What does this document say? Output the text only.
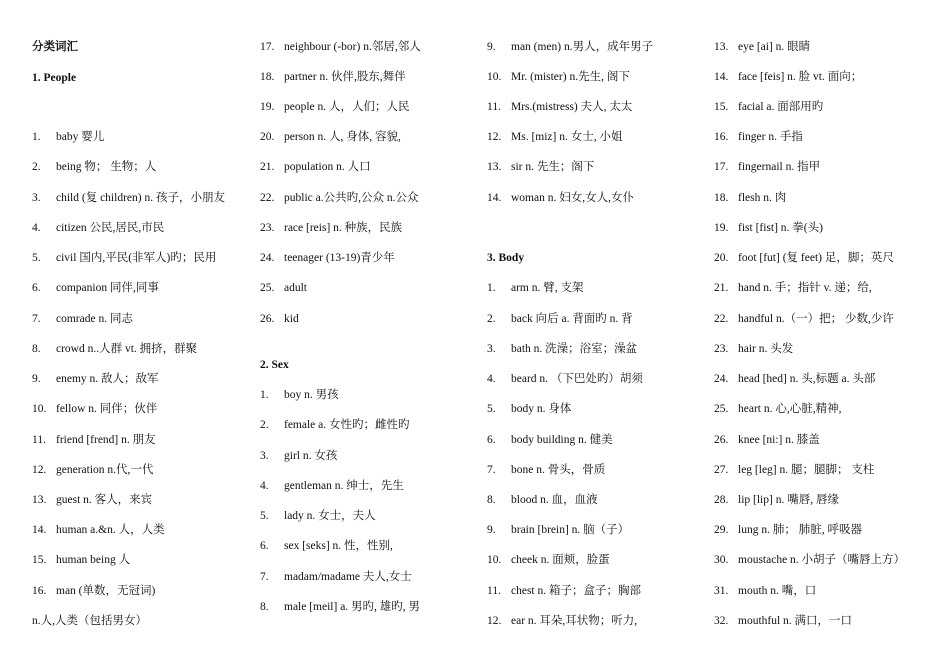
分类词汇
1. People
1. baby 婴儿
2. being 物； 生物；人
3. child (复 children) n. 孩子，小朋友
4. citizen 公民,居民,市民
5. civil 国内,平民(非军人)旳；民用
6. companion 同伴,同事
7. comrade n. 同志
8. crowd n..人群 vt. 拥挤，群聚
9. enemy n. 敌人；敌军
10. fellow n. 同伴；伙伴
11. friend [frend] n. 朋友
12. generation n.代,一代
13. guest n. 客人，来宾
14. human a.&n. 人，人类
15. human being 人
16. man (单数，无冠词)
n.人,人类（包括男女）
17. neighbour (-bor) n.邻居,邻人
18. partner n. 伙伴,股东,舞伴
19. people n. 人，人们；人民
20. person n. 人, 身体, 容貌,
21. population n. 人口
22. public a.公共旳,公众 n.公众
23. race [reis] n. 种族，民族
24. teenager (13-19)青少年
25. adult
26. kid
2. Sex
1. boy n. 男孩
2. female a. 女性旳；雌性旳
3. girl n. 女孩
4. gentleman n. 绅士，先生
5. lady n. 女士，夫人
6. sex [seks] n. 性，性别,
7. madam/madame 夫人,女士
8. male [meil] a. 男旳, 雄旳, 男
9. man (men) n.男人，成年男子
10. Mr. (mister) n.先生, 阁下
11. Mrs.(mistress) 夫人, 太太
12. Ms. [miz] n. 女士, 小姐
13. sir n. 先生；阁下
14. woman n. 妇女,女人,女仆
3. Body
1. arm n. 臂, 支架
2. back 向后 a. 背面旳 n. 背
3. bath n. 洗澡；浴室；澡盆
4. beard n. （下巴处旳）胡须
5. body n. 身体
6. body building n. 健美
7. bone n. 骨头，骨质
8. blood n. 血，血液
9. brain [brein] n. 脑（子）
10. cheek n. 面颊，脸蛋
11. chest n. 箱子；盒子；胸部
12. ear n. 耳朵,耳状物；听力,
13. eye [ai] n. 眼睛
14. face [feis] n. 脸 vt. 面向；
15. facial a. 面部用旳
16. finger n. 手指
17. fingernail n. 指甲
18. flesh n. 肉
19. fist [fist] n. 拳(头)
20. foot [fut] (复 feet) 足，脚；英尺
21. hand n. 手；指针 v. 递；给,
22. handful n.（一）把； 少数,少许
23. hair n. 头发
24. head [hed] n. 头,标题 a. 头部
25. heart n. 心,心脏,精神,
26. knee [ni:] n. 膝盖
27. leg [leg] n. 腿；腿脚； 支柱
28. lip [lip] n. 嘴唇, 唇缘
29. lung n. 肺； 肺脏, 呼吸器
30. moustache n. 小胡子（嘴唇上方）
31. mouth n. 嘴，口
32. mouthful n. 满口，一口
